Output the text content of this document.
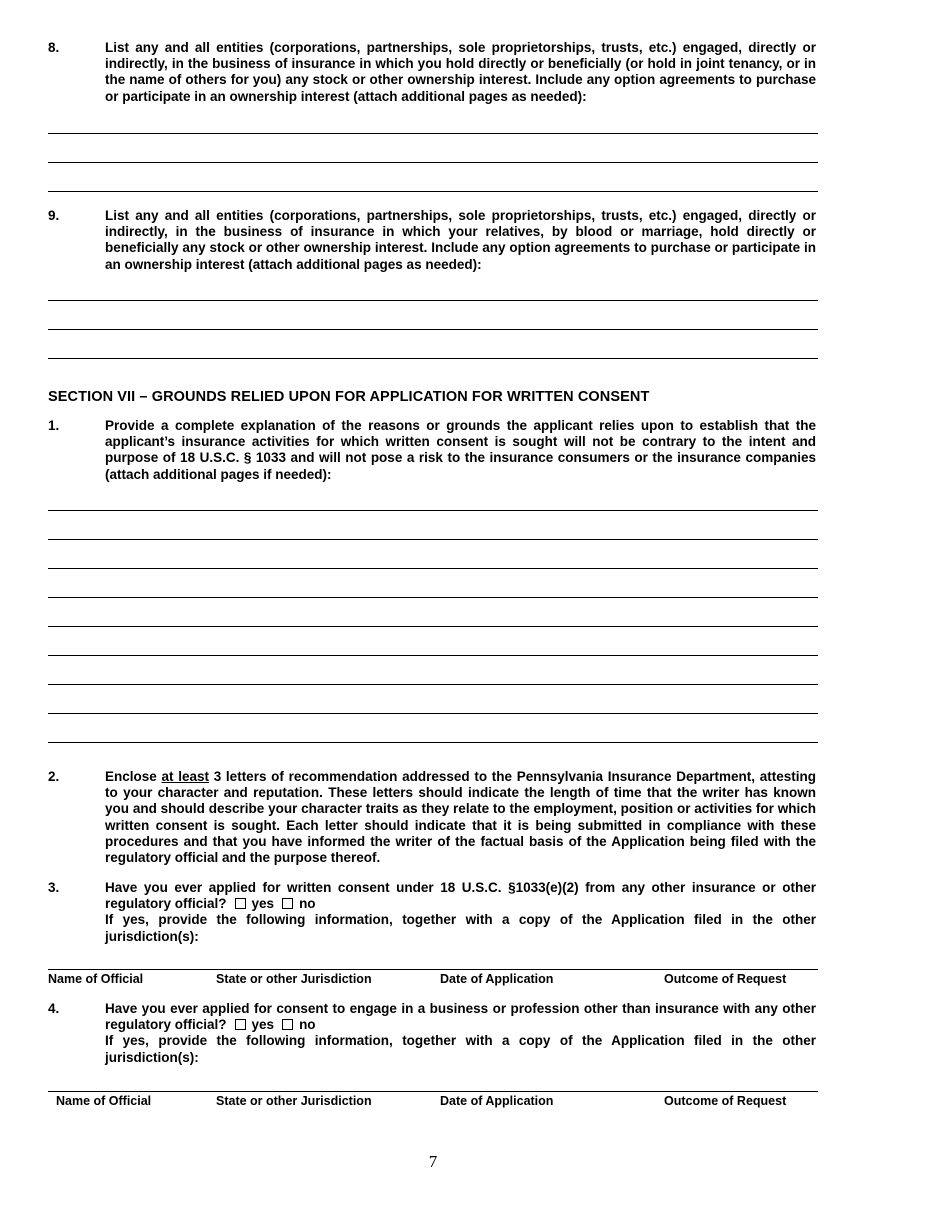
8.	List any and all entities (corporations, partnerships, sole proprietorships, trusts, etc.) engaged, directly or indirectly, in the business of insurance in which you hold directly or beneficially (or hold in joint tenancy, or in the name of others for you) any stock or other ownership interest. Include any option agreements to purchase or participate in an ownership interest (attach additional pages as needed):
9.	List any and all entities (corporations, partnerships, sole proprietorships, trusts, etc.) engaged, directly or indirectly, in the business of insurance in which your relatives, by blood or marriage, hold directly or beneficially any stock or other ownership interest. Include any option agreements to purchase or participate in an ownership interest (attach additional pages as needed):
SECTION VII – GROUNDS RELIED UPON FOR APPLICATION FOR WRITTEN CONSENT
1.	Provide a complete explanation of the reasons or grounds the applicant relies upon to establish that the applicant’s insurance activities for which written consent is sought will not be contrary to the intent and purpose of 18 U.S.C. § 1033 and will not pose a risk to the insurance consumers or the insurance companies (attach additional pages if needed):
2.	Enclose at least 3 letters of recommendation addressed to the Pennsylvania Insurance Department, attesting to your character and reputation. These letters should indicate the length of time that the writer has known you and should describe your character traits as they relate to the employment, position or activities for which written consent is sought. Each letter should indicate that it is being submitted in compliance with these procedures and that you have informed the writer of the factual basis of the Application being filed with the regulatory official and the purpose thereof.
3.	Have you ever applied for written consent under 18 U.S.C. §1033(e)(2) from any other insurance or other regulatory official? yes no
If yes, provide the following information, together with a copy of the Application filed in the other jurisdiction(s):
Name of Official	State or other Jurisdiction	Date of Application	Outcome of Request
4.	Have you ever applied for consent to engage in a business or profession other than insurance with any other regulatory official? yes no
If yes, provide the following information, together with a copy of the Application filed in the other jurisdiction(s):
Name of Official	State or other Jurisdiction	Date of Application	Outcome of Request
7
